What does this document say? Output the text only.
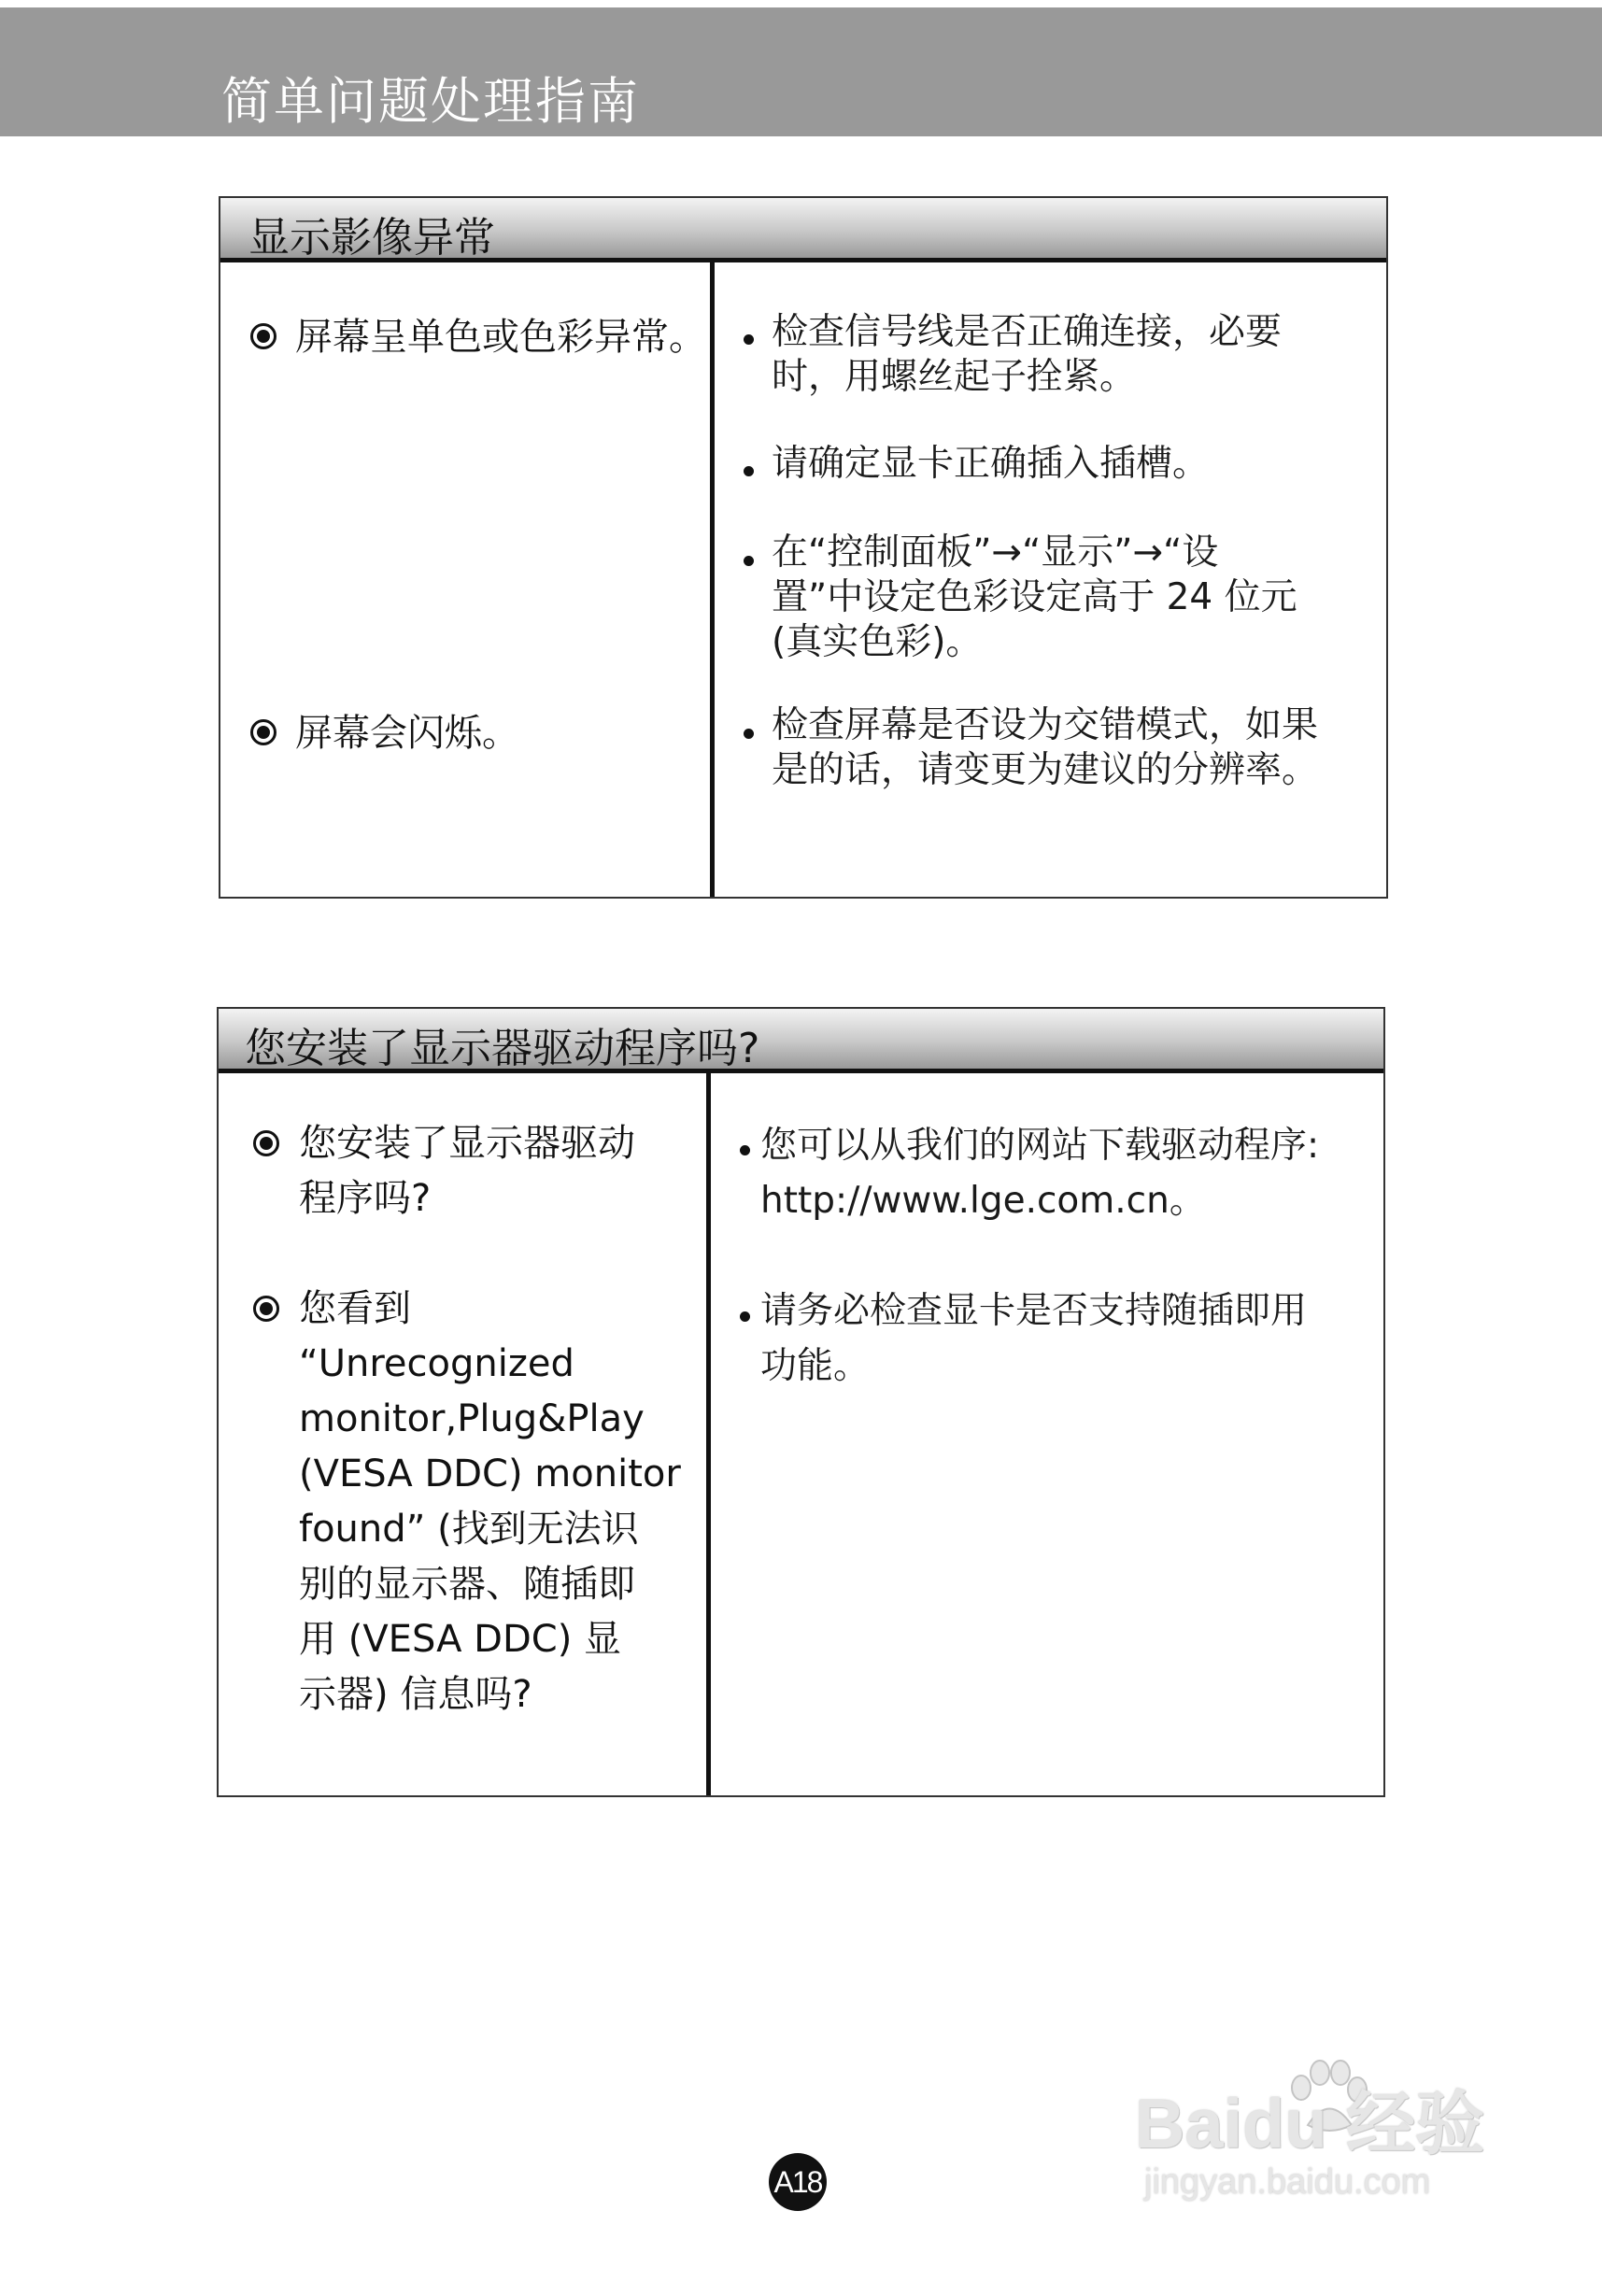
简单问题处理指南
显示影像异常
屏幕呈单色或色彩异常。
屏幕会闪烁。
检查信号线是否正确连接，必要
时，用螺丝起子拴紧。
请确定显卡正确插入插槽。
在“控制面板”→“显示”→“设
置”中设定色彩设定高于 24 位元
(真实色彩)。
检查屏幕是否设为交错模式，如果
是的话，请变更为建议的分辨率。
您安装了显示器驱动程序吗?
您安装了显示器驱动
程序吗?
您看到
“Unrecognized
monitor,Plug&Play
(VESA DDC) monitor
found” (找到无法识
别的显示器、随插即
用 (VESA DDC) 显
示器) 信息吗?
您可以从我们的网站下载驱动程序:
http://www.lge.com.cn。
请务必检查显卡是否支持随插即用
功能。
A18
Baidu 经验
jingyan.baidu.com
